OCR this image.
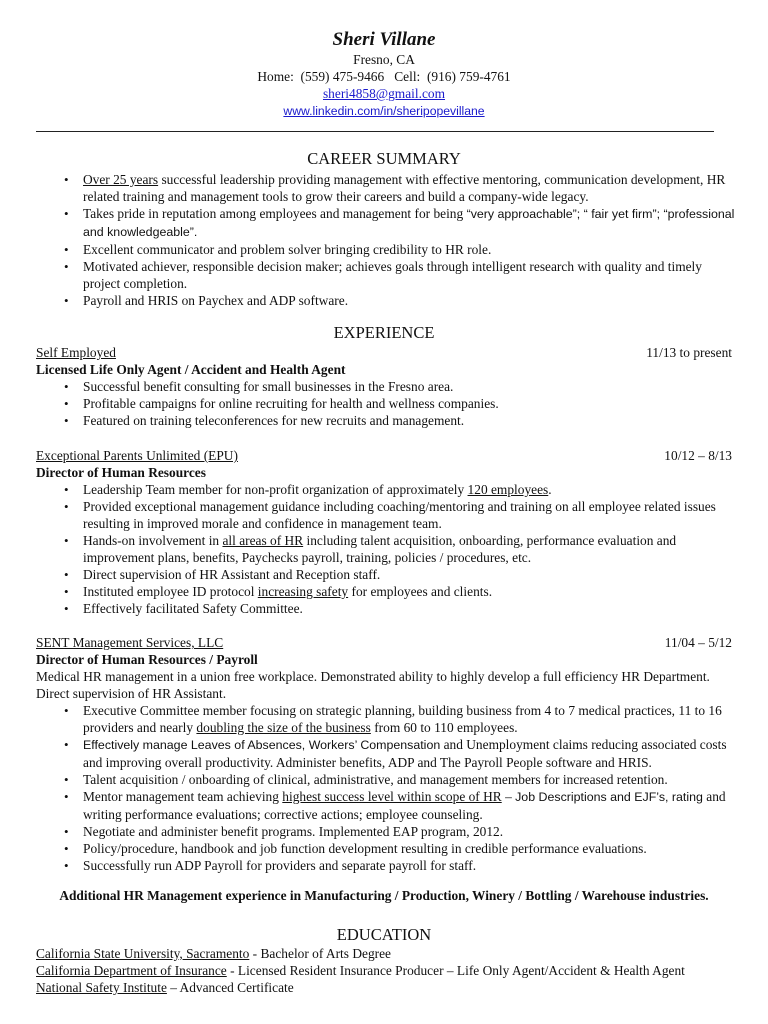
Sheri Villane
Fresno, CA
Home:  (559) 475-9466   Cell:  (916) 759-4761
sheri4858@gmail.com
www.linkedin.com/in/sheripopevillane
CAREER SUMMARY
• Over 25 years successful leadership providing management with effective mentoring, communication development, HR related training and management tools to grow their careers and build a company-wide legacy.
• Takes pride in reputation among employees and management for being “very approachable”; “ fair yet firm”; “professional and knowledgeable”.
• Excellent communicator and problem solver bringing credibility to HR role.
• Motivated achiever, responsible decision maker; achieves goals through intelligent research with quality and timely project completion.
• Payroll and HRIS on Paychex and ADP software.
EXPERIENCE
Self Employed	11/13 to present
Licensed Life Only Agent / Accident and Health Agent
• Successful benefit consulting for small businesses in the Fresno area.
• Profitable campaigns for online recruiting for health and wellness companies.
• Featured on training teleconferences for new recruits and management.
Exceptional Parents Unlimited (EPU)	10/12 – 8/13
Director of Human Resources
• Leadership Team member for non-profit organization of approximately 120 employees.
• Provided exceptional management guidance including coaching/mentoring and training on all employee related issues resulting in improved morale and confidence in management team.
• Hands-on involvement in all areas of HR including talent acquisition, onboarding, performance evaluation and improvement plans, benefits, Paychecks payroll, training, policies / procedures, etc.
• Direct supervision of HR Assistant and Reception staff.
• Instituted employee ID protocol increasing safety for employees and clients.
• Effectively facilitated Safety Committee.
SENT Management Services, LLC	11/04 – 5/12
Director of Human Resources / Payroll

Medical HR management in a union free workplace. Demonstrated ability to highly develop a full efficiency HR Department. Direct supervision of HR Assistant.

• Executive Committee member focusing on strategic planning, building business from 4 to 7 medical practices, 11 to 16 providers and nearly doubling the size of the business from 60 to 110 employees.
• Effectively manage Leaves of Absences, Workers’ Compensation and Unemployment claims reducing associated costs and improving overall productivity. Administer benefits, ADP and The Payroll People software and HRIS.
• Talent acquisition / onboarding of clinical, administrative, and management members for increased retention.
• Mentor management team achieving highest success level within scope of HR – Job Descriptions and EJF’s, rating and writing performance evaluations; corrective actions; employee counseling.
• Negotiate and administer benefit programs. Implemented EAP program, 2012.
• Policy/procedure, handbook and job function development resulting in credible performance evaluations.
• Successfully run ADP Payroll for providers and separate payroll for staff.
Additional HR Management experience in Manufacturing / Production, Winery / Bottling / Warehouse industries.
EDUCATION
California State University, Sacramento - Bachelor of Arts Degree
California Department of Insurance - Licensed Resident Insurance Producer – Life Only Agent/Accident & Health Agent
National Safety Institute – Advanced Certificate
